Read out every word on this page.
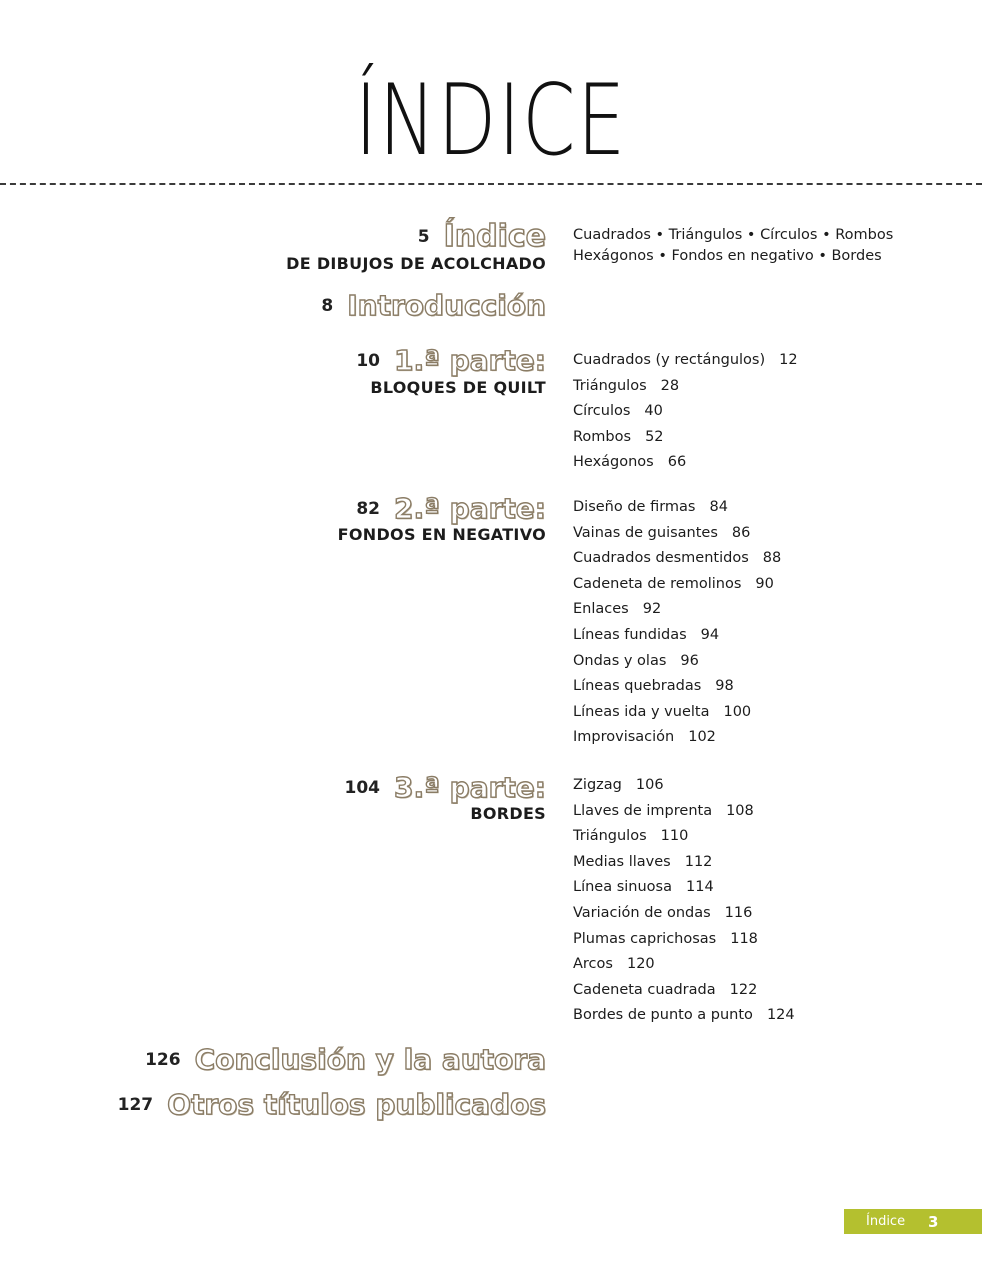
ÍNDICE
5 Índice
DE DIBUJOS DE ACOLCHADO
Cuadrados • Triángulos • Círculos • Rombos
Hexágonos • Fondos en negativo • Bordes
8 Introducción
10 1.ª parte:
BLOQUES DE QUILT
Cuadrados (y rectángulos) 12
Triángulos 28
Círculos 40
Rombos 52
Hexágonos 66
82 2.ª parte:
FONDOS EN NEGATIVO
Diseño de firmas 84
Vainas de guisantes 86
Cuadrados desmentidos 88
Cadeneta de remolinos 90
Enlaces 92
Líneas fundidas 94
Ondas y olas 96
Líneas quebradas 98
Líneas ida y vuelta 100
Improvisación 102
104 3.ª parte:
BORDES
Zigzag 106
Llaves de imprenta 108
Triángulos 110
Medias llaves 112
Línea sinuosa 114
Variación de ondas 116
Plumas caprichosas 118
Arcos 120
Cadeneta cuadrada 122
Bordes de punto a punto 124
126 Conclusión y la autora
127 Otros títulos publicados
Índice	3
